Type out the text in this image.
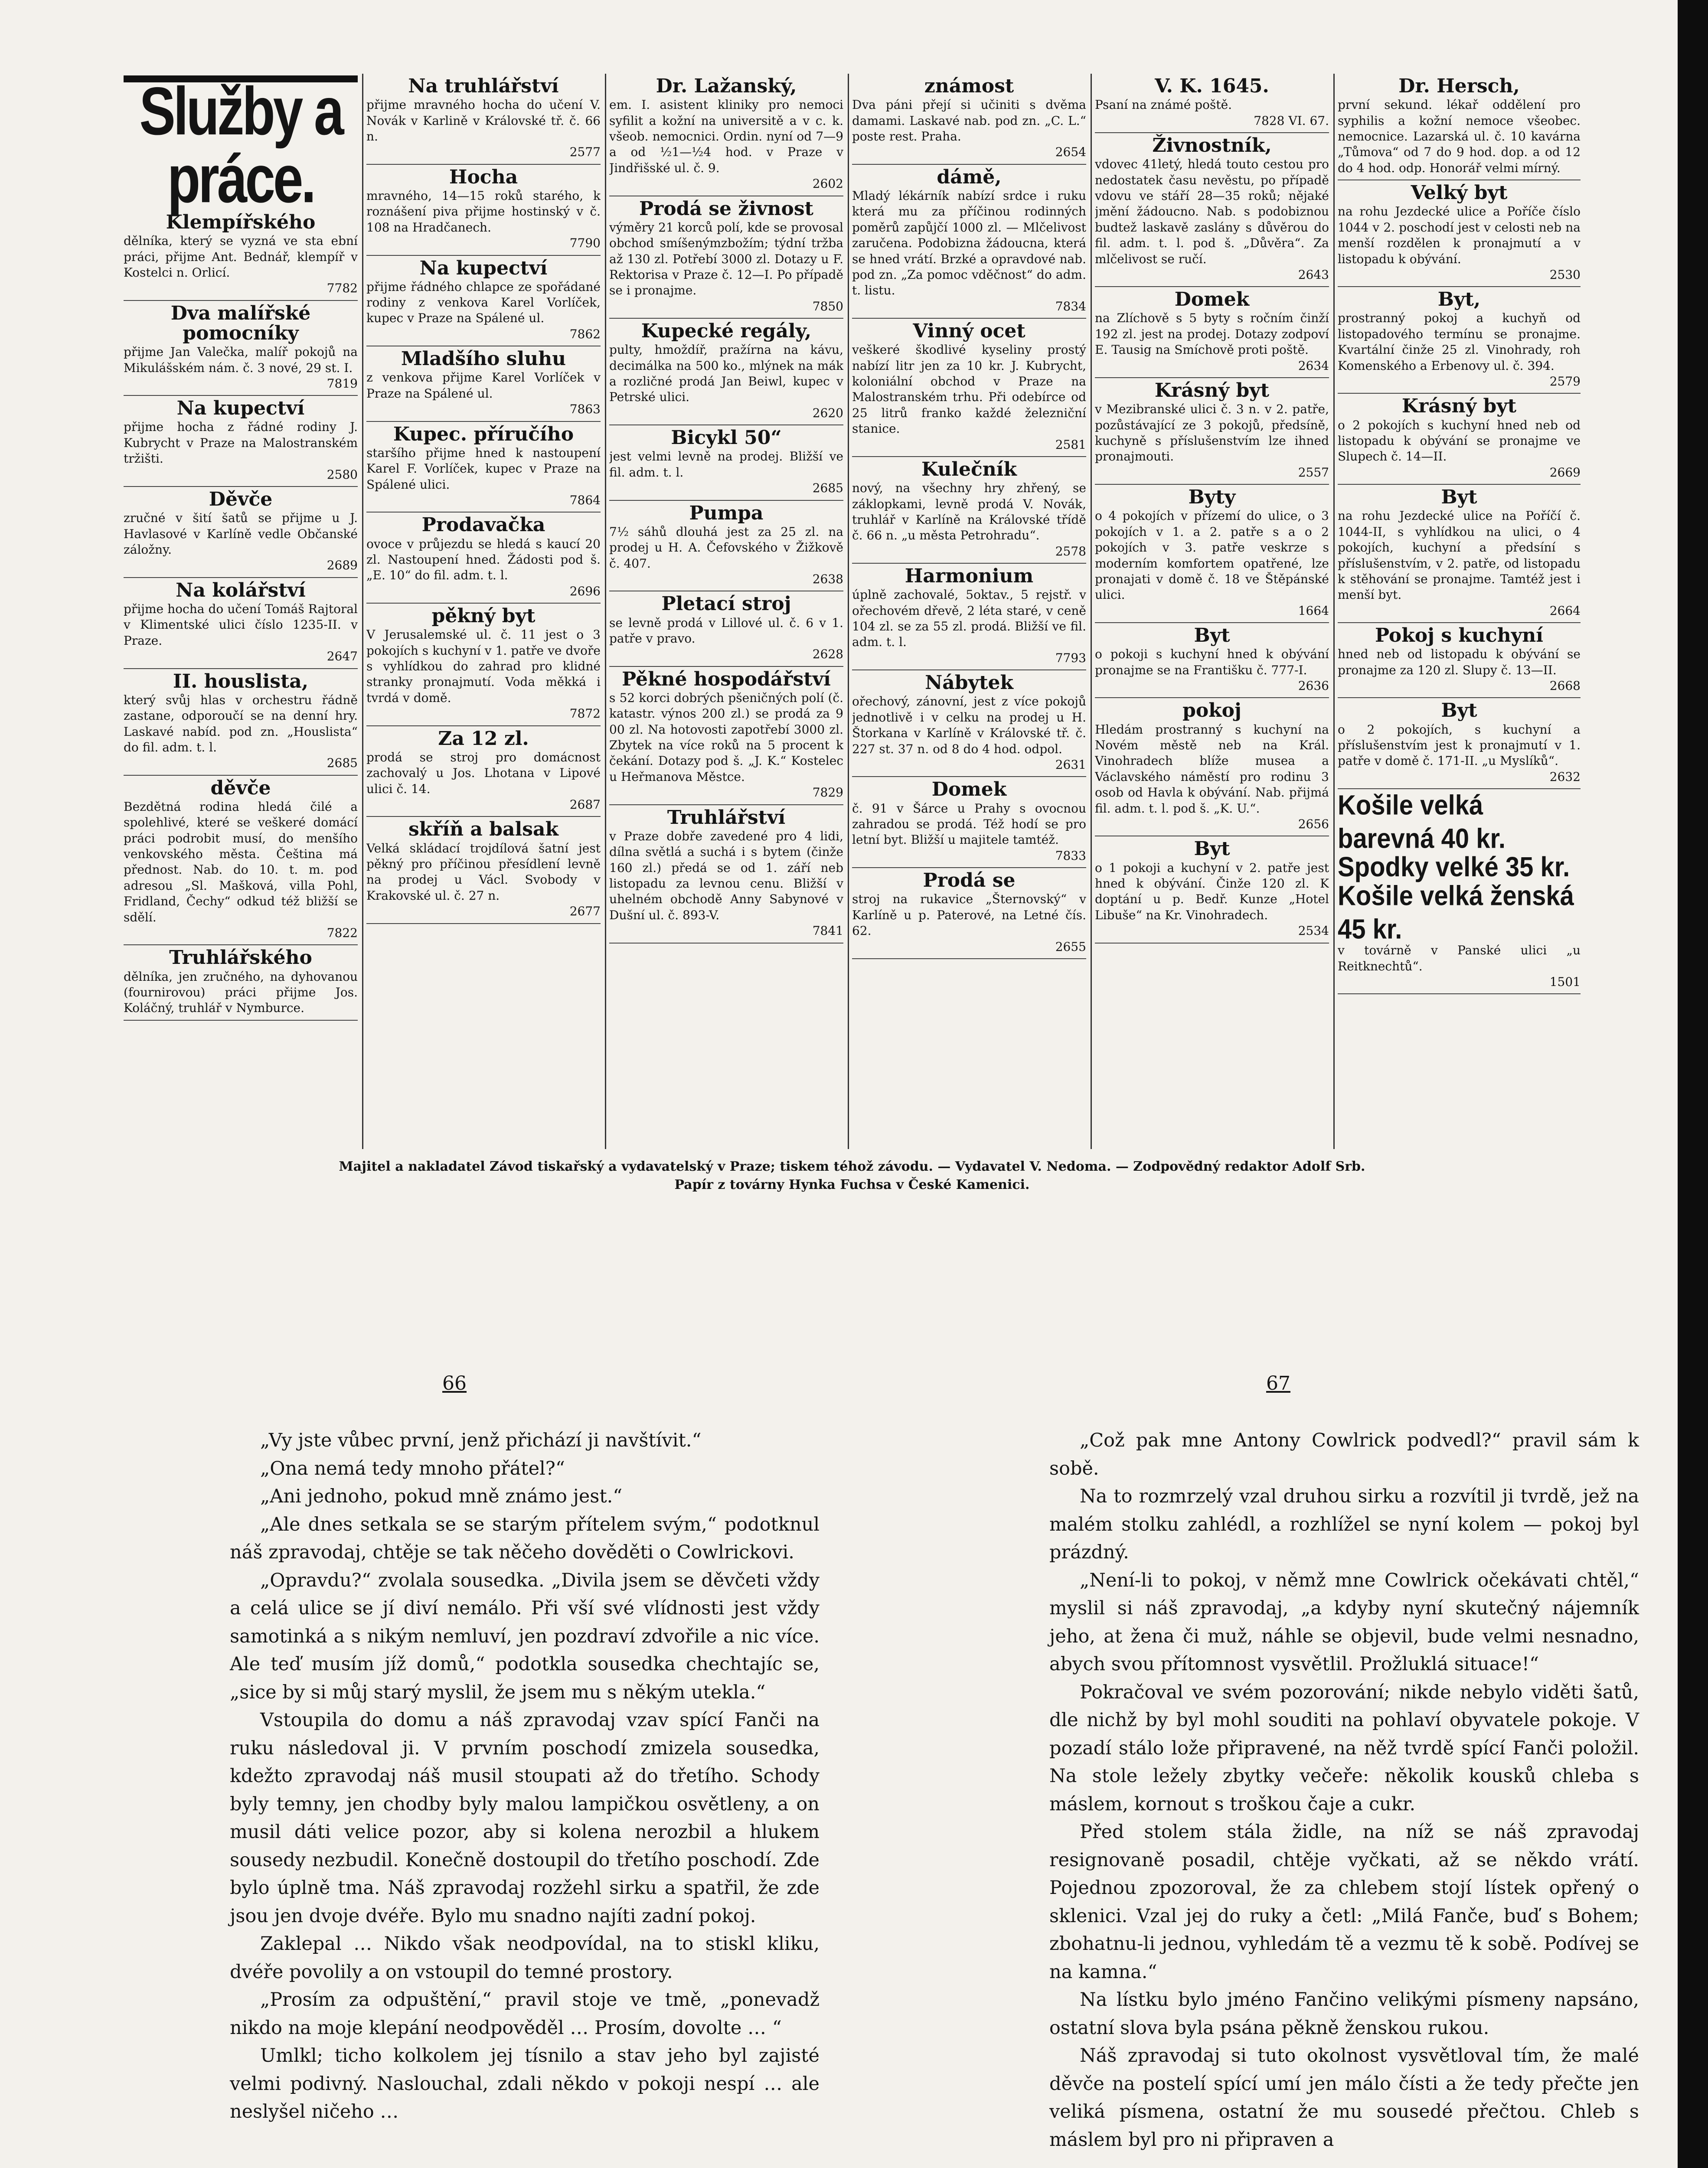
Služby a práce.
Klempířského

dělníka, který se vyzná ve sta ební práci, přijme Ant. Bednář, klempíř v Kostelci n. Orlicí.

7782
Dva malířské pomocníky

přijme Jan Valečka, malíř pokojů na Mikulášském nám. č. 3 nové, 29 st. I.

7819
Na kupectví

přijme hocha z řádné rodiny J. Kubrycht v Praze na Malostranském tržišti.

2580
Děvče

zručné v šití šatů se přijme u J. Havlasové v Karlíně vedle Občanské záložny.

2689
Na kolářství

přijme hocha do učení Tomáš Rajtoral v Klimentské ulici číslo 1235-II. v Praze.

2647
II. houslista,

který svůj hlas v orchestru řádně zastane, odporoučí se na denní hry. Laskavé nabíd. pod zn. „Houslista“ do fil. adm. t. l.

2685
děvče

Bezdětná rodina hledá čilé a spolehlivé, které se veškeré domácí práci podrobit musí, do menšího venkovského města. Čeština má přednost. Nab. do 10. t. m. pod adresou „Sl. Mašková, villa Pohl, Fridland, Čechy“ odkud též bližší se sdělí.

7822
Truhlářského

dělníka, jen zručného, na dyhovanou (fournirovou) práci přijme Jos. Koláčný, truhlář v Nymburce.

Na truhlářství

přijme mravného hocha do učení V. Novák v Karlině v Královské tř. č. 66 n.

2577
Hocha

mravného, 14—15 roků starého, k roznášení piva přijme hostinský v č. 108 na Hradčanech.

7790
Na kupectví

přijme řádného chlapce ze spořádané rodiny z venkova Karel Vorlíček, kupec v Praze na Spálené ul.

7862
Mladšího sluhu

z venkova přijme Karel Vorlíček v Praze na Spálené ul.

7863
Kupec. příručího

staršího přijme hned k nastoupení Karel F. Vorlíček, kupec v Praze na Spálené ulici.

7864
Prodavačka

ovoce v průjezdu se hledá s kaucí 20 zl. Nastoupení hned. Žádosti pod š. „E. 10“ do fil. adm. t. l.

2696
pěkný byt

V Jerusalemské ul. č. 11 jest o 3 pokojích s kuchyní v 1. patře ve dvoře s vyhlídkou do zahrad pro klidné stranky pronajmutí. Voda měkká i tvrdá v domě.

7872
Za 12 zl.

prodá se stroj pro domácnost zachovalý u Jos. Lhotana v Lipové ulici č. 14.

2687
skříň a balsak

Velká skládací trojdílová šatní jest pěkný pro příčinou přesídlení levně na prodej u Václ. Svobody v Krakovské ul. č. 27 n.

2677
Dr. Lažanský,

em. I. asistent kliniky pro nemoci syfilit a kožní na universitě a v c. k. všeob. nemocnici. Ordin. nyní od 7—9 a od ½1—½4 hod. v Praze v Jindřišské ul. č. 9.

2602
Prodá se živnost

výměry 21 korců polí, kde se provosal obchod smíšenýmzbožím; týdní tržba až 130 zl. Potřebí 3000 zl. Dotazy u F. Rektorisa v Praze č. 12—I. Po případě se i pronajme.

7850
Kupecké regály,

pulty, hmoždíř, pražírna na kávu, decimálka na 500 ko., mlýnek na mák a rozličné prodá Jan Beiwl, kupec v Petrské ulici.

2620
Bicykl 50“

jest velmi levně na prodej. Bližší ve fil. adm. t. l.

2685
Pumpa

7½ sáhů dlouhá jest za 25 zl. na prodej u H. A. Čefovského v Žižkově č. 407.

2638
Pletací stroj

se levně prodá v Lillové ul. č. 6 v 1. patře v pravo.

2628
Pěkné hospodářství

s 52 korci dobrých pšeničných polí (č. katastr. výnos 200 zl.) se prodá za 9 00 zl. Na hotovosti zapotřebí 3000 zl. Zbytek na více roků na 5 procent k čekání. Dotazy pod š. „J. K.“ Kostelec u Heřmanova Městce.

7829
Truhlářství

v Praze dobře zavedené pro 4 lidi, dílna světlá a suchá i s bytem (činže 160 zl.) předá se od 1. září neb listopadu za levnou cenu. Bližší v uhelném obchodě Anny Sabynové v Dušní ul. č. 893-V.

7841
známost

Dva páni přejí si učiniti s dvěma damami. Laskavé nab. pod zn. „C. L.“ poste rest. Praha.

2654
dámě,

Mladý lékárník nabízí srdce i ruku která mu za příčinou rodinných poměrů zapůjčí 1000 zl. — Mlčelivost zaručena. Podobizna žádoucna, která se hned vrátí. Brzké a opravdové nab. pod zn. „Za pomoc vděčnost“ do adm. t. listu.

7834
Vinný ocet

veškeré škodlivé kyseliny prostý nabízí litr jen za 10 kr. J. Kubrycht, koloniální obchod v Praze na Malostranském trhu. Při odebírce od 25 litrů franko každé železniční stanice.

2581
Kulečník

nový, na všechny hry zhřený, se záklopkami, levně prodá V. Novák, truhlář v Karlíně na Královské třídě č. 66 n. „u města Petrohradu“.

2578
Harmonium

úplně zachovalé, 5oktav., 5 rejstř. v ořechovém dřevě, 2 léta staré, v ceně 104 zl. se za 55 zl. prodá. Bližší ve fil. adm. t. l.

7793
Nábytek

ořechový, zánovní, jest z více pokojů jednotlivě i v celku na prodej u H. Štorkana v Karlíně v Královské tř. č. 227 st. 37 n. od 8 do 4 hod. odpol.

2631
Domek

č. 91 v Šárce u Prahy s ovocnou zahradou se prodá. Též hodí se pro letní byt. Bližší u majitele tamtéž.

7833
Prodá se

stroj na rukavice „Šternovský“ v Karlíně u p. Paterové, na Letné čís. 62.

2655
V. K. 1645.

Psaní na známé poště.

7828 VI. 67.
Živnostník,

vdovec 41letý, hledá touto cestou pro nedostatek času nevěstu, po případě vdovu ve stáří 28—35 roků; nějaké jmění žádoucno. Nab. s podobiznou budtež laskavě zaslány s důvěrou do fil. adm. t. l. pod š. „Důvěra“. Za mlčelivost se ručí.

2643
Domek

na Zlíchově s 5 byty s ročním činží 192 zl. jest na prodej. Dotazy zodpoví E. Tausig na Smíchově proti poště.

2634
Krásný byt

v Mezibranské ulici č. 3 n. v 2. patře, pozůstávající ze 3 pokojů, předsíně, kuchyně s příslušenstvím lze ihned pronajmouti.

2557
Byty

o 4 pokojích v přízemí do ulice, o 3 pokojích v 1. a 2. patře s a o 2 pokojích v 3. patře veskrze s moderním komfortem opatřené, lze pronajati v domě č. 18 ve Štěpánské ulici.

1664
Byt

o pokoji s kuchyní hned k obývání pronajme se na Františku č. 777-I.

2636
pokoj

Hledám prostranný s kuchyní na Novém městě neb na Král. Vinohradech blíže musea a Václavského náměstí pro rodinu 3 osob od Havla k obývání. Nab. přijmá fil. adm. t. l. pod š. „K. U.“.

2656
Byt

o 1 pokoji a kuchyní v 2. patře jest hned k obývání. Činže 120 zl. K doptání u p. Bedř. Kunze „Hotel Libuše“ na Kr. Vinohradech.

2534
Dr. Hersch,

první sekund. lékař oddělení pro syphilis a kožní nemoce všeobec. nemocnice. Lazarská ul. č. 10 kavárna „Tůmova“ od 7 do 9 hod. dop. a od 12 do 4 hod. odp. Honorář velmi mírný.

Velký byt

na rohu Jezdecké ulice a Poříče číslo 1044 v 2. poschodí jest v celosti neb na menší rozdělen k pronajmutí a v listopadu k obývání.

2530
Byt,

prostranný pokoj a kuchyň od listopadového termínu se pronajme. Kvartální činže 25 zl. Vinohrady, roh Komenského a Erbenovy ul. č. 394.

2579
Krásný byt

o 2 pokojích s kuchyní hned neb od listopadu k obývání se pronajme ve Slupech č. 14—II.

2669
Byt

na rohu Jezdecké ulice na Poříčí č. 1044-II, s vyhlídkou na ulici, o 4 pokojích, kuchyní a předsíní s příslušenstvím, v 2. patře, od listopadu k stěhování se pronajme. Tamtéž jest i menší byt.

2664
Pokoj s kuchyní

hned neb od listopadu k obývání se pronajme za 120 zl. Slupy č. 13—II.

2668
Byt

o 2 pokojích, s kuchyní a příslušenstvím jest k pronajmutí v 1. patře v domě č. 171-II. „u Myslíků“.

2632
Košile velká barevná 40 kr.
Spodky velké 35 kr.
Košile velká ženská 45 kr.

v továrně v Panské ulici „u Reitknechtů“.

1501
Majitel a nakladatel Závod tiskařský a vydavatelský v Praze; tiskem téhož závodu. — Vydavatel V. Nedoma. — Zodpovědný redaktor Adolf Srb.
Papír z továrny Hynka Fuchsa v České Kamenici.
66	67

„Vy jste vůbec první, jenž přichází ji navštívit.“

„Ona nemá tedy mnoho přátel?“

„Ani jednoho, pokud mně známo jest.“

„Ale dnes setkala se se starým přítelem svým,“ podotknul náš zpravodaj, chtěje se tak něčeho dověděti o Cowlrickovi.

„Opravdu?“ zvolala sousedka. „Divila jsem se děvčeti vždy a celá ulice se jí diví nemálo. Při vší své vlídnosti jest vždy samotinká a s nikým nemluví, jen pozdraví zdvořile a nic více. Ale teď musím jíž domů,“ podotkla sousedka chechtajíc se, „sice by si můj starý myslil, že jsem mu s někým utekla.“

Vstoupila do domu a náš zpravodaj vzav spící Fanči na ruku následoval ji. V prvním poschodí zmizela sousedka, kdežto zpravodaj náš musil stoupati až do třetího. Schody byly temny, jen chodby byly malou lampičkou osvětleny, a on musil dáti velice pozor, aby si kolena nerozbil a hlukem sousedy nezbudil. Konečně dostoupil do třetího poschodí. Zde bylo úplně tma. Náš zpravodaj rozžehl sirku a spatřil, že zde jsou jen dvoje dvéře. Bylo mu snadno najíti zadní pokoj.

Zaklepal … Nikdo však neodpovídal, na to stiskl kliku, dvéře povolily a on vstoupil do temné prostory.

„Prosím za odpuštění,“ pravil stoje ve tmě, „ponevadž nikdo na moje klepání neodpověděl … Prosím, dovolte … “

Umlkl; ticho kolkolem jej tísnilo a stav jeho byl zajisté velmi podivný. Naslouchal, zdali někdo v pokoji nespí … ale neslyšel ničeho …

„Což pak mne Antony Cowlrick podvedl?“ pravil sám k sobě.

Na to rozmrzelý vzal druhou sirku a rozvítil ji tvrdě, jež na malém stolku zahlédl, a rozhlížel se nyní kolem — pokoj byl prázdný.

„Není-li to pokoj, v němž mne Cowlrick očekávati chtěl,“ myslil si náš zpravodaj, „a kdyby nyní skutečný nájemník jeho, at žena či muž, náhle se objevil, bude velmi nesnadno, abych svou přítomnost vysvětlil. Prožluklá situace!“

Pokračoval ve svém pozorování; nikde nebylo viděti šatů, dle nichž by byl mohl souditi na pohlaví obyvatele pokoje. V pozadí stálo lože připravené, na něž tvrdě spící Fanči položil. Na stole ležely zbytky večeře: několik kousků chleba s máslem, kornout s troškou čaje a cukr.

Před stolem stála židle, na níž se náš zpravodaj resignovaně posadil, chtěje vyčkati, až se někdo vrátí. Pojednou zpozoroval, že za chlebem stojí lístek opřený o sklenici. Vzal jej do ruky a četl: „Milá Fanče, buď s Bohem; zbohatnu-li jednou, vyhledám tě a vezmu tě k sobě. Podívej se na kamna.“

Na lístku bylo jméno Fančino velikými písmeny napsáno, ostatní slova byla psána pěkně ženskou rukou.

Náš zpravodaj si tuto okolnost vysvětloval tím, že malé děvče na postelí spící umí jen málo čísti a že tedy přečte jen veliká písmena, ostatní že mu sousedé přečtou. Chleb s máslem byl pro ni připraven a
